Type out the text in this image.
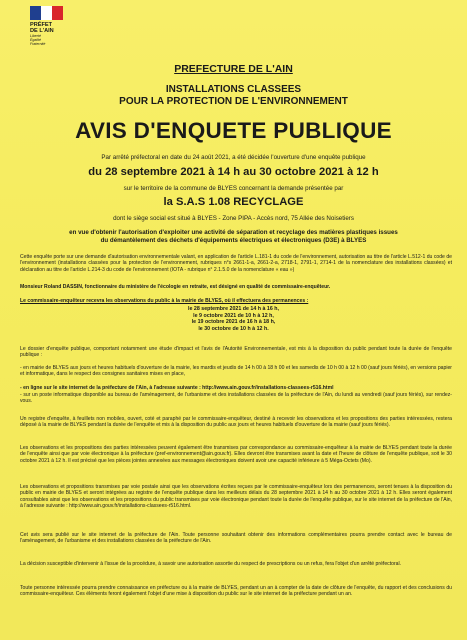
PRÉFET
DE L'AIN
Liberté
Égalité
Fraternité
PREFECTURE DE L'AIN
INSTALLATIONS CLASSEES
POUR LA PROTECTION DE L'ENVIRONNEMENT
AVIS D'ENQUETE PUBLIQUE
Par arrêté préfectoral en date du 24 août 2021, a été décidée l'ouverture d'une enquête publique
du 28 septembre 2021 à 14 h au 30 octobre 2021 à 12 h
sur le territoire de la commune de BLYES concernant la demande présentée par
la S.A.S 1.08 RECYCLAGE
dont le siège social est situé à BLYES - Zone PIPA - Accès nord, 75 Allée des Noisetiers
en vue d'obtenir l'autorisation d'exploiter une activité de séparation et recyclage des matières plastiques issues
du démantèlement des déchets d'équipements électriques et électroniques (D3E) à BLYES
Cette enquête porte sur une demande d'autorisation environnementale valant, en application de l'article L.181-1 du code de l'environnement, autorisation au titre de l'article L.512-1 du code de l'environnement (installations classées pour la protection de l'environnement, rubriques n°s 2661-1-a, 2661-2-a, 2718-1, 2791-1, 2714-1 de la nomenclature des installations classées) et déclaration au titre de l'article L.214-3 du code de l'environnement (IOTA - rubrique n° 2.1.5.0 de la nomenclature « eau »)
Monsieur Roland DASSIN, fonctionnaire du ministère de l'écologie en retraite, est désigné en qualité de commissaire-enquêteur.
Le commissaire-enquêteur recevra les observations du public à la mairie de BLYES, où il effectuera des permanences :
le 28 septembre 2021 de 14 h à 16 h,
le 9 octobre 2021 de 10 h à 12 h,
le 19 octobre 2021 de 16 h à 18 h,
le 30 octobre de 10 h à 12 h.
Le dossier d'enquête publique, comportant notamment une étude d'impact et l'avis de l'Autorité Environnementale, est mis à la disposition du public pendant toute la durée de l'enquête publique :
- en mairie de BLYES aux jours et heures habituels d'ouverture de la mairie, les mardis et jeudis de 14 h 00 à 18 h 00 et les samedis de 10 h 00 à 12 h 00 (sauf jours fériés), en versions papier et informatique, dans le respect des consignes sanitaires mises en place,
- en ligne sur le site internet de la préfecture de l'Ain, à l'adresse suivante : http://www.ain.gouv.fr/installations-classees-r516.html
- sur un poste informatique disponible au bureau de l'aménagement, de l'urbanisme et des installations classées de la préfecture de l'Ain, du lundi au vendredi (sauf jours fériés), sur rendez-vous.
Un registre d'enquête, à feuillets non mobiles, ouvert, coté et paraphé par le commissaire-enquêteur, destiné à recevoir les observations et les propositions des parties intéressées, restera déposé à la mairie de BLYES pendant la durée de l'enquête et mis à la disposition du public aux jours et heures habituels d'ouverture de la mairie (sauf jours fériés).
Les observations et les propositions des parties intéressées peuvent également être transmises par correspondance au commissaire-enquêteur à la mairie de BLYES pendant toute la durée de l'enquête ainsi que par voie électronique à la préfecture (pref-environnement@ain.gouv.fr). Elles devront être transmises avant la date et l'heure de clôture de l'enquête publique, soit le 30 octobre 2021 à 12 h. Il est précisé que les pièces jointes annexées aux messages électroniques doivent avoir une capacité inférieure à 5 Méga-Octets (Mo).
Les observations et propositions transmises par voie postale ainsi que les observations écrites reçues par le commissaire-enquêteur lors des permanences, seront tenues à la disposition du public en mairie de BLYES et seront intégrées au registre de l'enquête publique dans les meilleurs délais du 28 septembre 2021 à 14 h au 30 octobre 2021 à 12 h. Elles seront également consultables ainsi que les observations et les propositions du public transmises par voie électronique pendant toute la durée de l'enquête publique, sur le site internet de la préfecture de l'Ain, à l'adresse suivante : http://www.ain.gouv.fr/installations-classees-r516.html.
Cet avis sera publié sur le site internet de la préfecture de l'Ain. Toute personne souhaitant obtenir des informations complémentaires pourra prendre contact avec le bureau de l'aménagement, de l'urbanisme et des installations classées de la préfecture de l'Ain.
La décision susceptible d'intervenir à l'issue de la procédure, à savoir une autorisation assortie du respect de prescriptions ou un refus, fera l'objet d'un arrêté préfectoral.
Toute personne intéressée pourra prendre connaissance en préfecture ou à la mairie de BLYES, pendant un an à compter de la date de clôture de l'enquête, du rapport et des conclusions du commissaire-enquêteur. Ces éléments feront également l'objet d'une mise à disposition du public sur le site internet de la préfecture pendant un an.
